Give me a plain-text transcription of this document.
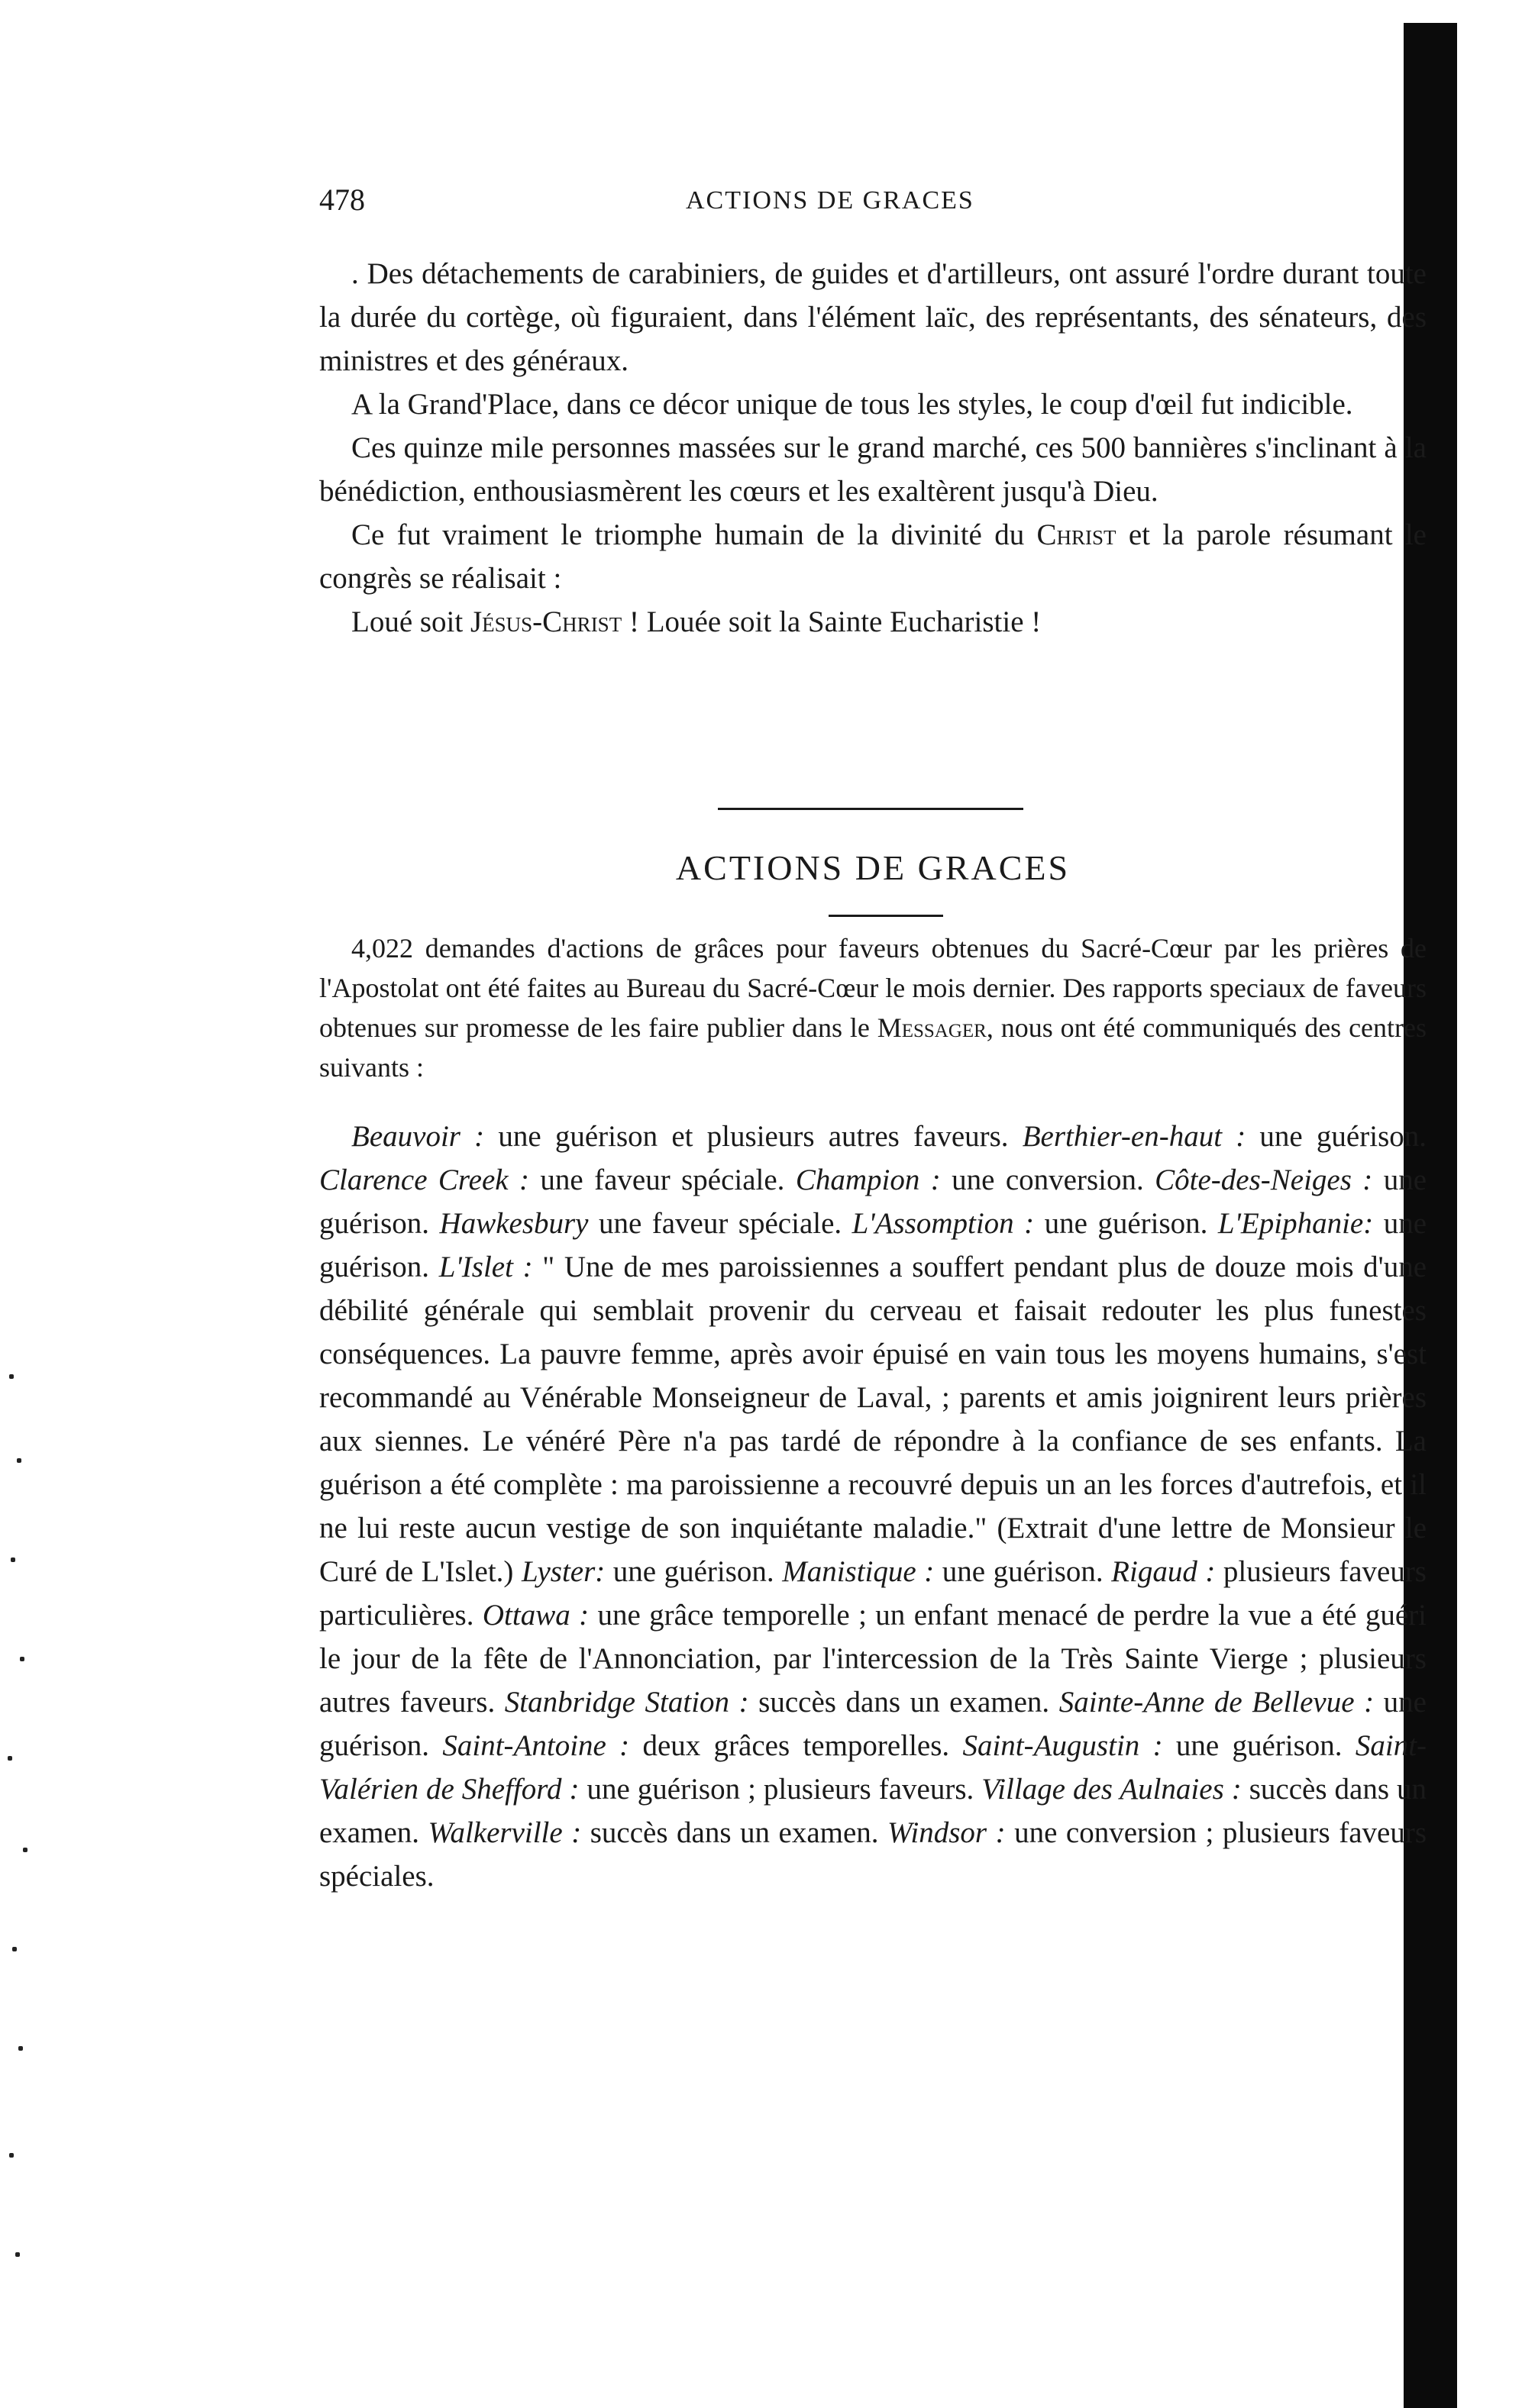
478	ACTIONS DE GRACES

. Des détachements de carabiniers, de guides et d'artilleurs, ont assuré l'ordre durant toute la durée du cortège, où figuraient, dans l'élément laïc, des représentants, des sénateurs, des ministres et des généraux.

A la Grand'Place, dans ce décor unique de tous les styles, le coup d'œil fut indicible.

Ces quinze mile personnes massées sur le grand marché, ces 500 bannières s'inclinant à la bénédiction, enthousiasmèrent les cœurs et les exaltèrent jusqu'à Dieu.

Ce fut vraiment le triomphe humain de la divinité du Christ et la parole résumant le congrès se réalisait :

Loué soit Jésus-Christ ! Louée soit la Sainte Eucharistie !

ACTIONS DE GRACES

4,022 demandes d'actions de grâces pour faveurs obtenues du Sacré-Cœur par les prières de l'Apostolat ont été faites au Bureau du Sacré-Cœur le mois dernier. Des rapports speciaux de faveurs obtenues sur promesse de les faire publier dans le Messager, nous ont été communiqués des centres suivants :

Beauvoir : une guérison et plusieurs autres faveurs. Berthier-en-haut : une guérison. Clarence Creek : une faveur spéciale. Champion : une conversion. Côte-des-Neiges : une guérison. Hawkesbury une faveur spéciale. L'Assomption : une guérison. L'Epiphanie: une guérison. L'Islet : " Une de mes paroissiennes a souffert pendant plus de douze mois d'une débilité générale qui semblait provenir du cerveau et faisait redouter les plus funestes conséquences. La pauvre femme, après avoir épuisé en vain tous les moyens humains, s'est recommandé au Vénérable Monseigneur de Laval, ; parents et amis joignirent leurs prières aux siennes. Le vénéré Père n'a pas tardé de répondre à la confiance de ses enfants. La guérison a été complète : ma paroissienne a recouvré depuis un an les forces d'autrefois, et il ne lui reste aucun vestige de son inquiétante maladie." (Extrait d'une lettre de Monsieur le Curé de L'Islet.) Lyster: une guérison. Manistique : une guérison. Rigaud : plusieurs faveurs particulières. Ottawa : une grâce temporelle ; un enfant menacé de perdre la vue a été guéri le jour de la fête de l'Annonciation, par l'intercession de la Très Sainte Vierge ; plusieurs autres faveurs. Stanbridge Station : succès dans un examen. Sainte-Anne de Bellevue : une guérison. Saint-Antoine : deux grâces temporelles. Saint-Augustin : une guérison. Saint-Valérien de Shefford : une guérison ; plusieurs faveurs. Village des Aulnaies : succès dans un examen. Walkerville : succès dans un examen. Windsor : une conversion ; plusieurs faveurs spéciales.
